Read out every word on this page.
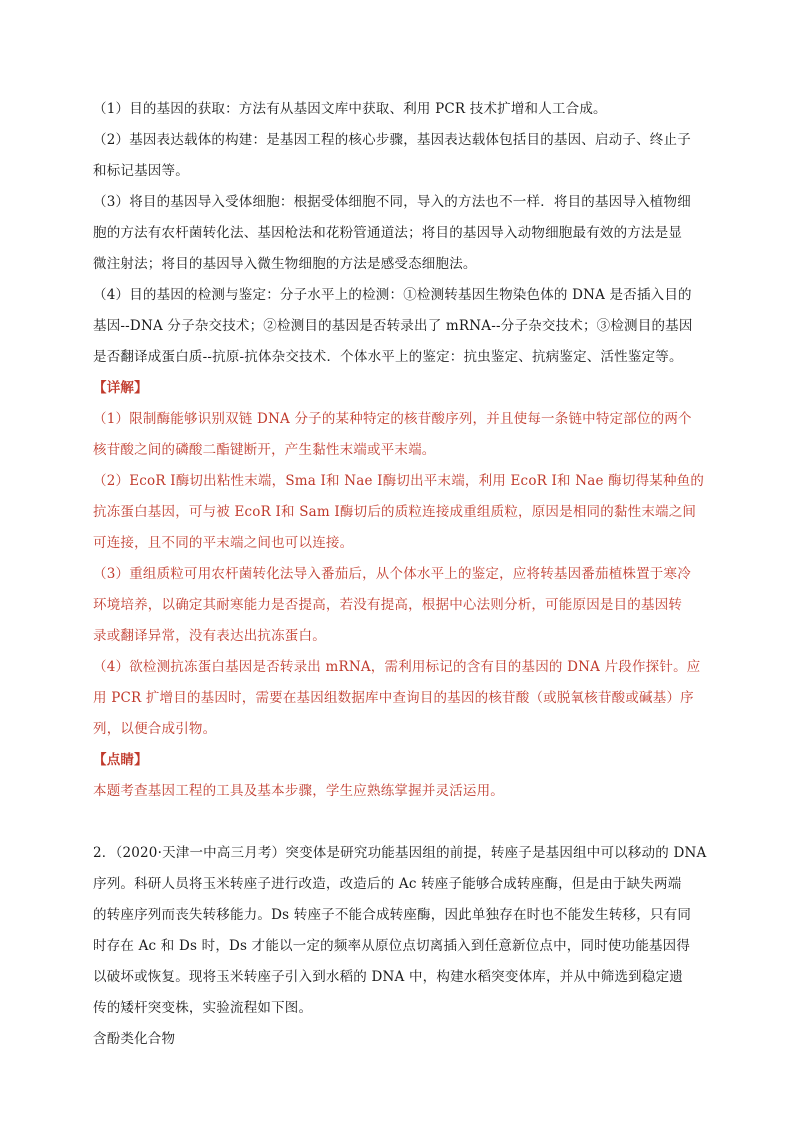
（1）目的基因的获取：方法有从基因文库中获取、利用 PCR 技术扩增和人工合成。
（2）基因表达载体的构建：是基因工程的核心步骤，基因表达载体包括目的基因、启动子、终止子
和标记基因等。
（3）将目的基因导入受体细胞：根据受体细胞不同，导入的方法也不一样．将目的基因导入植物细
胞的方法有农杆菌转化法、基因枪法和花粉管通道法；将目的基因导入动物细胞最有效的方法是显
微注射法；将目的基因导入微生物细胞的方法是感受态细胞法。
（4）目的基因的检测与鉴定：分子水平上的检测：①检测转基因生物染色体的 DNA 是否插入目的
基因--DNA 分子杂交技术；②检测目的基因是否转录出了 mRNA--分子杂交技术；③检测目的基因
是否翻译成蛋白质--抗原-抗体杂交技术．个体水平上的鉴定：抗虫鉴定、抗病鉴定、活性鉴定等。
【详解】
（1）限制酶能够识别双链 DNA 分子的某种特定的核苷酸序列，并且使每一条链中特定部位的两个
核苷酸之间的磷酸二酯键断开，产生黏性末端或平末端。
（2）EcoR Ⅰ酶切出粘性末端，Sma Ⅰ和 Nae Ⅰ酶切出平末端，利用 EcoR Ⅰ和 Nae 酶切得某种鱼的
抗冻蛋白基因，可与被 EcoR Ⅰ和 Sam Ⅰ酶切后的质粒连接成重组质粒，原因是相同的黏性末端之间
可连接，且不同的平末端之间也可以连接。
（3）重组质粒可用农杆菌转化法导入番茄后，从个体水平上的鉴定，应将转基因番茄植株置于寒冷
环境培养，以确定其耐寒能力是否提高，若没有提高，根据中心法则分析，可能原因是目的基因转
录或翻译异常，没有表达出抗冻蛋白。
（4）欲检测抗冻蛋白基因是否转录出 mRNA，需利用标记的含有目的基因的 DNA 片段作探针。应
用 PCR 扩增目的基因时，需要在基因组数据库中查询目的基因的核苷酸（或脱氧核苷酸或碱基）序
列，以便合成引物。
【点睛】
本题考查基因工程的工具及基本步骤，学生应熟练掌握并灵活运用。
2．（2020·天津一中高三月考）突变体是研究功能基因组的前提，转座子是基因组中可以移动的 DNA
序列。科研人员将玉米转座子进行改造，改造后的 Ac 转座子能够合成转座酶，但是由于缺失两端
的转座序列而丧失转移能力。Ds 转座子不能合成转座酶，因此单独存在时也不能发生转移，只有同
时存在 Ac 和 Ds 时，Ds 才能以一定的频率从原位点切离插入到任意新位点中，同时使功能基因得
以破坏或恢复。现将玉米转座子引入到水稻的 DNA 中，构建水稻突变体库，并从中筛选到稳定遗
传的矮杆突变株，实验流程如下图。
含酚类化合物
